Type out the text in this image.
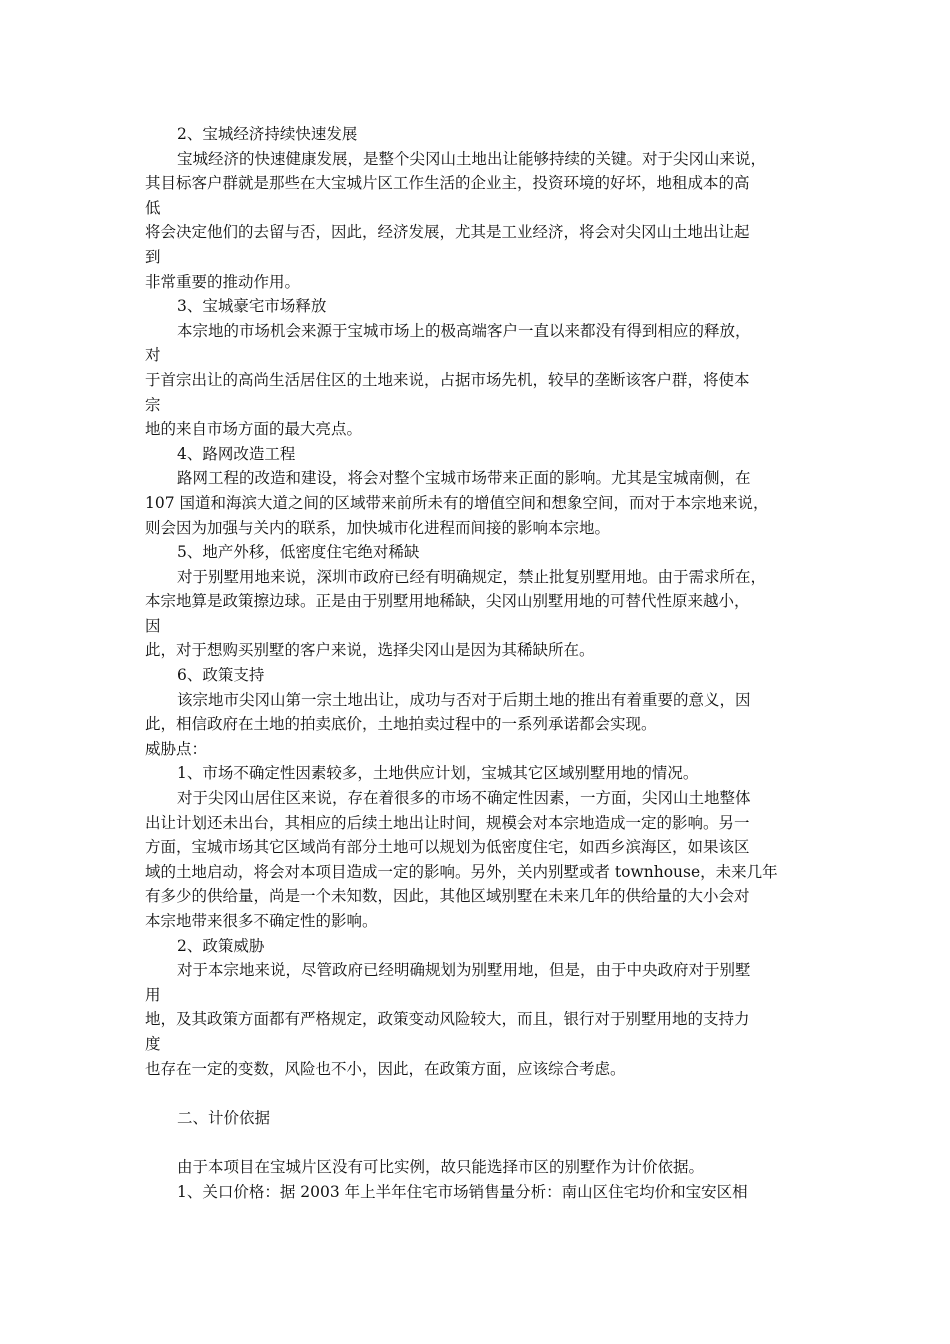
2、宝城经济持续快速发展
宝城经济的快速健康发展，是整个尖冈山土地出让能够持续的关键。对于尖冈山来说，
其目标客户群就是那些在大宝城片区工作生活的企业主，投资环境的好坏，地租成本的高
低
将会决定他们的去留与否，因此，经济发展，尤其是工业经济，将会对尖冈山土地出让起
到
非常重要的推动作用。
3、宝城豪宅市场释放
本宗地的市场机会来源于宝城市场上的极高端客户一直以来都没有得到相应的释放，
对
于首宗出让的高尚生活居住区的土地来说，占据市场先机，较早的垄断该客户群，将使本
宗
地的来自市场方面的最大亮点。
4、路网改造工程
路网工程的改造和建设，将会对整个宝城市场带来正面的影响。尤其是宝城南侧，在
107 国道和海滨大道之间的区域带来前所未有的增值空间和想象空间，而对于本宗地来说，
则会因为加强与关内的联系，加快城市化进程而间接的影响本宗地。
5、地产外移，低密度住宅绝对稀缺
对于别墅用地来说，深圳市政府已经有明确规定，禁止批复别墅用地。由于需求所在，
本宗地算是政策擦边球。正是由于别墅用地稀缺，尖冈山别墅用地的可替代性原来越小，
因
此，对于想购买别墅的客户来说，选择尖冈山是因为其稀缺所在。
6、政策支持
该宗地市尖冈山第一宗土地出让，成功与否对于后期土地的推出有着重要的意义，因
此，相信政府在土地的拍卖底价，土地拍卖过程中的一系列承诺都会实现。
威胁点：
1、市场不确定性因素较多，土地供应计划，宝城其它区域别墅用地的情况。
对于尖冈山居住区来说，存在着很多的市场不确定性因素，一方面，尖冈山土地整体
出让计划还未出台，其相应的后续土地出让时间，规模会对本宗地造成一定的影响。另一
方面，宝城市场其它区域尚有部分土地可以规划为低密度住宅，如西乡滨海区，如果该区
域的土地启动，将会对本项目造成一定的影响。另外，关内别墅或者 townhouse，未来几年
有多少的供给量，尚是一个未知数，因此，其他区域别墅在未来几年的供给量的大小会对
本宗地带来很多不确定性的影响。
2、政策威胁
对于本宗地来说，尽管政府已经明确规划为别墅用地，但是，由于中央政府对于别墅
用
地，及其政策方面都有严格规定，政策变动风险较大，而且，银行对于别墅用地的支持力
度
也存在一定的变数，风险也不小，因此，在政策方面，应该综合考虑。
二、计价依据
由于本项目在宝城片区没有可比实例，故只能选择市区的别墅作为计价依据。
1、关口价格：据 2003 年上半年住宅市场销售量分析：南山区住宅均价和宝安区相
